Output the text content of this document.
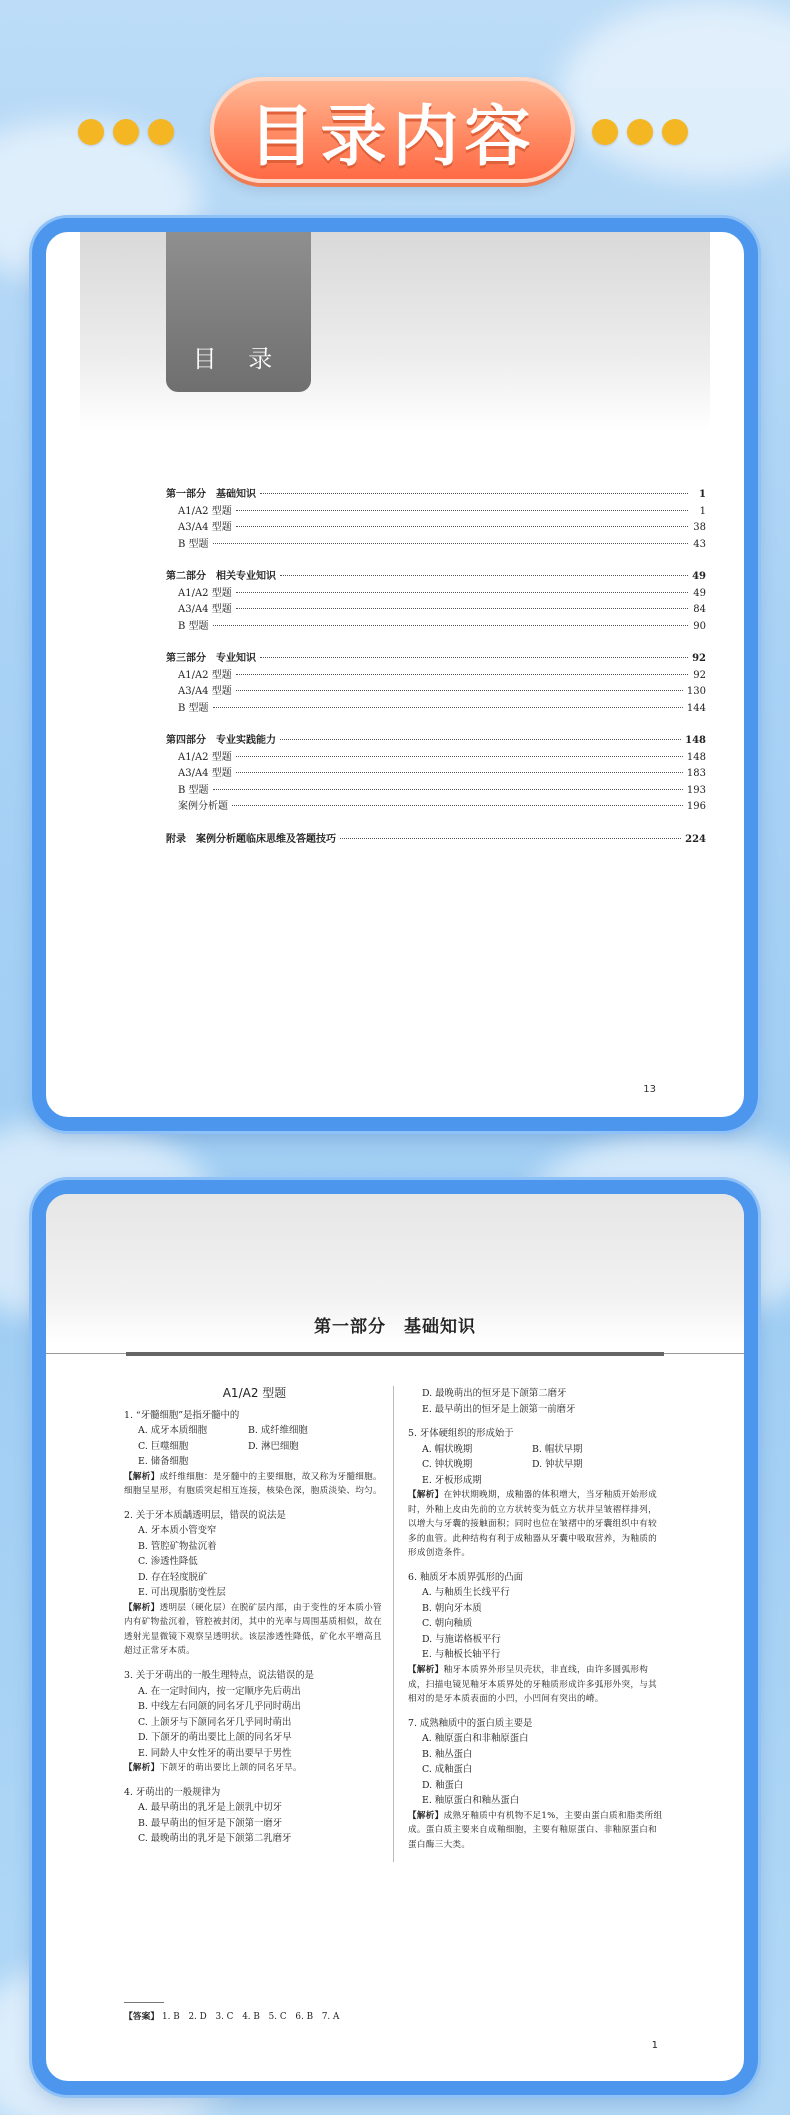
目录内容
目 录
第一部分　基础知识	1
A1/A2 型题	1
A3/A4 型题	38
B 型题	43
第二部分　相关专业知识	49
A1/A2 型题	49
A3/A4 型题	84
B 型题	90
第三部分　专业知识	92
A1/A2 型题	92
A3/A4 型题	130
B 型题	144
第四部分　专业实践能力	148
A1/A2 型题	148
A3/A4 型题	183
B 型题	193
案例分析题	196
附录　案例分析题临床思维及答题技巧	224
13
第一部分　基础知识
A1/A2 型题
1. “牙髓细胞”是指牙髓中的
A. 成牙本质细胞	B. 成纤维细胞
C. 巨噬细胞	D. 淋巴细胞
E. 储备细胞
【解析】成纤维细胞：是牙髓中的主要细胞，故又称为牙髓细胞。细胞呈星形，有胞质突起相互连接，核染色深，胞质淡染、均匀。
2. 关于牙本质龋透明层，错误的说法是
A. 牙本质小管变窄
B. 管腔矿物盐沉着
C. 渗透性降低
D. 存在轻度脱矿
E. 可出现脂肪变性层
【解析】透明层（硬化层）在脱矿层内部，由于变性的牙本质小管内有矿物盐沉着，管腔被封闭，其中的光率与周围基质相似，故在透射光显微镜下观察呈透明状。该层渗透性降低，矿化水平增高且超过正常牙本质。
3. 关于牙萌出的一般生理特点，说法错误的是
A. 在一定时间内，按一定顺序先后萌出
B. 中线左右同颌的同名牙几乎同时萌出
C. 上颌牙与下颌同名牙几乎同时萌出
D. 下颌牙的萌出要比上颌的同名牙早
E. 同龄人中女性牙的萌出要早于男性
【解析】下颌牙的萌出要比上颌的同名牙早。
4. 牙萌出的一般规律为
A. 最早萌出的乳牙是上颌乳中切牙
B. 最早萌出的恒牙是下颌第一磨牙
C. 最晚萌出的乳牙是下颌第二乳磨牙
D. 最晚萌出的恒牙是下颌第二磨牙
E. 最早萌出的恒牙是上颌第一前磨牙
5. 牙体硬组织的形成始于
A. 帽状晚期	B. 帽状早期
C. 钟状晚期	D. 钟状早期
E. 牙板形成期
【解析】在钟状期晚期，成釉器的体积增大，当牙釉质开始形成时，外釉上皮由先前的立方状转变为低立方状并呈皱褶样排列，以增大与牙囊的接触面积；同时也位在皱褶中的牙囊组织中有较多的血管。此种结构有利于成釉器从牙囊中吸取营养，为釉质的形成创造条件。
6. 釉质牙本质界弧形的凸面
A. 与釉质生长线平行
B. 朝向牙本质
C. 朝向釉质
D. 与施诺格板平行
E. 与釉板长轴平行
【解析】釉牙本质界外形呈贝壳状，非直线，由许多圆弧形构成，扫描电镜见釉牙本质界处的牙釉质形成许多弧形外突，与其相对的是牙本质表面的小凹，小凹间有突出的嵴。
7. 成熟釉质中的蛋白质主要是
A. 釉原蛋白和非釉原蛋白
B. 釉丛蛋白
C. 成釉蛋白
D. 釉蛋白
E. 釉原蛋白和釉丛蛋白
【解析】成熟牙釉质中有机物不足1%，主要由蛋白质和脂类所组成。蛋白质主要来自成釉细胞，主要有釉原蛋白、非釉原蛋白和蛋白酶三大类。
【答案】 1. B　2. D　3. C　4. B　5. C　6. B　7. A
1
